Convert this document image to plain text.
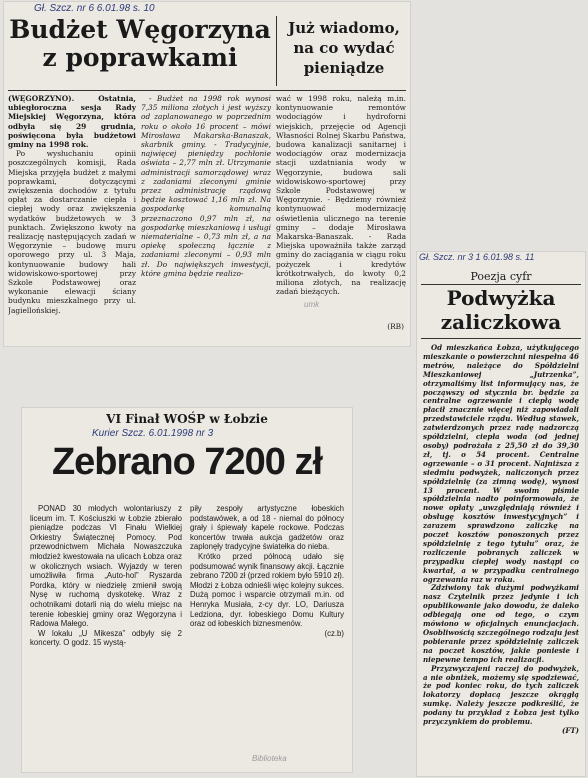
Gł. Szcz. nr 6 6.01.98 s. 10
Budżet Węgorzyna z poprawkami
Już wiadomo, na co wydać pieniądze

(WĘGORZYNO). Ostatnia, ubiegłoroczna sesja Rady Miejskiej Węgorzyna, która odbyła się 29 grudnia, poświęcona była budżetowi gminy na 1998 rok.

Po wysłuchaniu opinii poszczególnych komisji, Rada Miejska przyjęła budżet z małymi poprawkami, dotyczącymi zwiększenia dochodów z tytułu opłat za dostarczanie ciepła i ciepłej wody oraz zwiększenia wydatków budżetowych w 3 punktach. Zwiększono kwoty na realizację następujących zadań w Węgorzynie – budowę muru oporowego przy ul. 3 Maja, kontynuowanie budowy hali widowiskowo-sportowej przy Szkole Podstawowej oraz wykonanie elewacji ściany budynku mieszkalnego przy ul. Jagiellońskiej.

- Budżet na 1998 rok wynosi 7,35 miliona złotych i jest wyższy od zaplanowanego w poprzednim roku o około 16 procent – mówi Mirosława Makarska-Banaszak, skarbnik gminy. - Tradycyjnie, najwięcej pieniędzy pochłonie oświata – 2,77 mln zł. Utrzymanie administracji samorządowej wraz z zadaniami zleconymi gminie przez administrację rządową będzie kosztować 1,16 mln zł. Na gospodarkę komunalną przeznaczono 0,97 mln zł, na gospodarkę mieszkaniową i usługi niematerialne – 0,73 mln zł, a na opiekę społeczną łącznie z zadaniami zleconymi – 0,93 mln zł. Do największych inwestycji, które gmina będzie realizo-

wać w 1998 roku, należą m.in. kontynuowanie remontów wodociągów i hydroforni wiejskich, przejęcie od Agencji Własności Rolnej Skarbu Państwa, budowa kanalizacji sanitarnej i wodociągów oraz modernizacja stacji uzdatniania wody w Węgorzynie, budowa sali widowiskowo-sportowej przy Szkole Podstawowej w Węgorzynie. - Będziemy również kontynuować modernizację oświetlenia ulicznego na terenie gminy – dodaje Mirosława Makarska-Banaszak. - Rada Miejska upoważniła także zarząd gminy do zaciągania w ciągu roku pożyczek i kredytów krótkotrwałych, do kwoty 0,2 miliona złotych, na realizację zadań bieżących.

(RB)
umk
Gł. Szcz. nr 3 1 6.01.98 s. 11
Poezja cyfr
Podwyżka zaliczkowa

Od mieszkańca Łobza, użytkującego mieszkanie o powierzchni niespełna 46 metrów, należące do Spółdzielni Mieszkaniowej „Jutrzenka”, otrzymaliśmy list informujący nas, że począwszy od stycznia br. będzie za centralne ogrzewanie i ciepłą wodę płacił znacznie więcej niż zapowiadali przedstawiciele rządu. Według stawek, zatwierdzonych przez radę nadzorczą spółdzielni, ciepła woda (od jednej osoby) podrożała z 25,50 zł do 39,30 zł, tj. o 54 procent. Centralne ogrzewanie – o 31 procent. Najniższa z siedmiu podwyżek, naliczonych przez spółdzielnię (za zimną wodę), wynosi 13 procent. W swoim piśmie spółdzielnia nadto poinformowała, że nowe opłaty „uwzględniają również i obsługę kosztów inwestycyjnych” i zarazem sprawdzono zaliczkę na poczet kosztów ponoszonych przez spółdzielnię z tego tytułu” oraz, że rozliczenie pobranych zaliczek w przypadku ciepłej wody nastąpi co kwartał, a w przypadku centralnego ogrzewania raz w roku.

Zdziwiony tak dużymi podwyżkami nasz Czytelnik przez jedynie i ich opublikowanie jako dowodu, że daleko odbiegają one od tego, o czym mówiono w oficjalnych enuncjacjach. Osobliwością szczególnego rodzaju jest pobieranie przez spółdzielnię zaliczek na poczet kosztów, jakie poniesie i niepewne tempo ich realizacji.

Przyzwyczajeni raczej do podwyżek, a nie obniżek, możemy się spodziewać, że pod koniec roku, do tych zaliczek lokatorzy dopłacą jeszcze okrągłą sumkę. Należy jeszcze podkreślić, że podany tu przykład z Łobza jest tylko przyczynkiem do problemu.

(FT)

VI Finał WOŚP w Łobzie
Kurier Szcz. 6.01.1998 nr 3
Zebrano 7200 zł

PONAD 30 młodych wolontariuszy z liceum im. T. Kościuszki w Łobzie zbierało pieniądze podczas VI Finału Wielkiej Orkiestry Świątecznej Pomocy. Pod przewodnictwem Michała Nowaszczuka młodzież kwestowała na ulicach Łobza oraz w okolicznych wsiach. Wyjazdy w teren umożliwiła firma „Auto-hol” Ryszarda Pordka, który w niedzielę zmienił swoją Nysę w ruchomą dyskotekę. Wraz z ochotnikami dotarli nią do wielu miejsc na terenie łobeskiej gminy oraz Węgorzyna i Radowa Małego.

W lokalu „U Mikesza” odbyły się 2 koncerty. O godz. 15 wystą-

piły zespoły artystyczne łobeskich podstawówek, a od 18 - niemal do północy grały i śpiewały kapele rockowe. Podczas koncertów trwała aukcja gadżetów oraz zaplonęły tradycyjne światełka do nieba.

Krótko przed północą udało się podsumować wynik finansowy akcji. Łącznie zebrano 7200 zł (przed rokiem było 5910 zł). Młodzi z Łobza odnieśli więc kolejny sukces. Dużą pomoc i wsparcie otrzymali m.in. od Henryka Musiała, z-cy dyr. LO, Dariusza Ledziona, dyr. łobeskiego Domu Kultury oraz od łobeskich biznesmenów.

(cz.b)

Biblioteka
